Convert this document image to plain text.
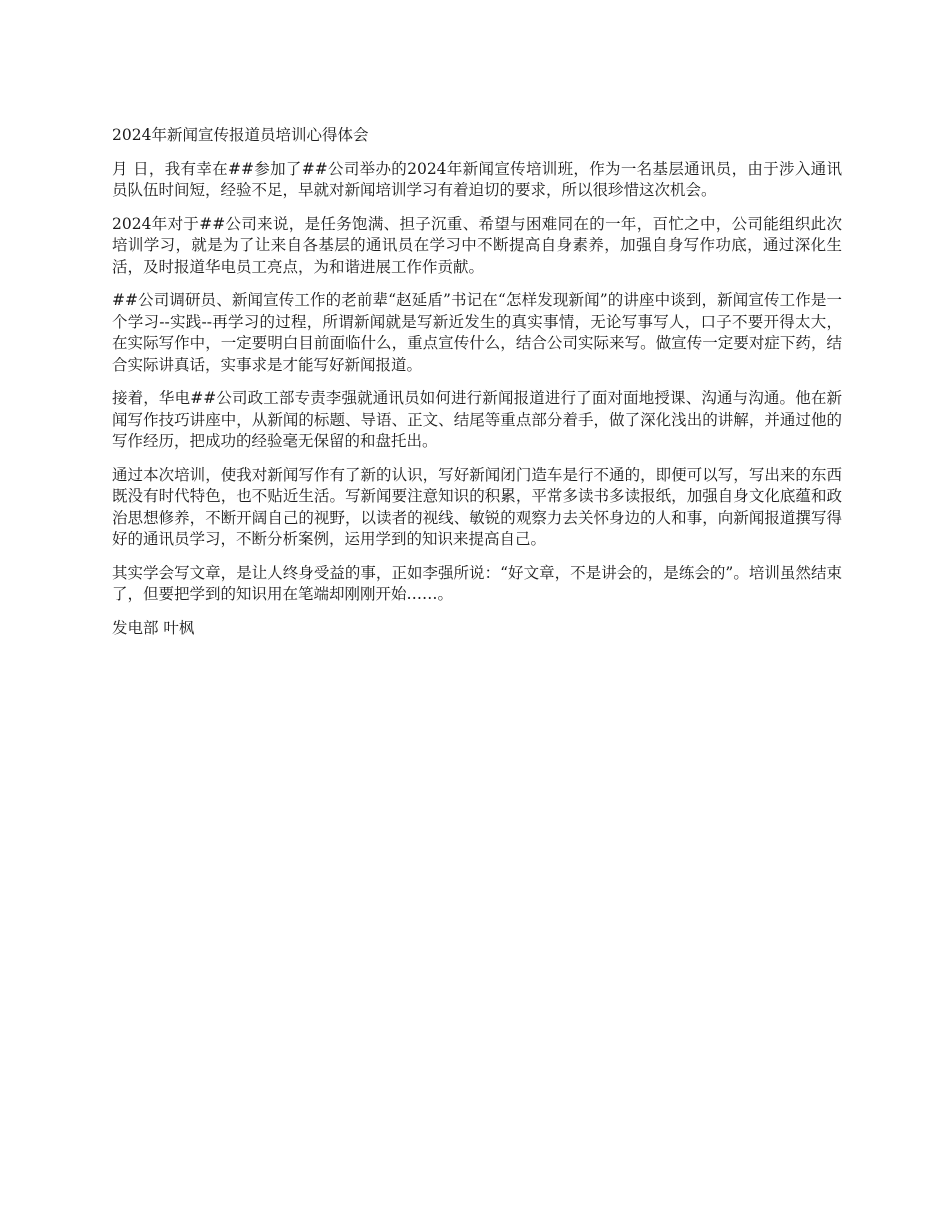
2024年新闻宣传报道员培训心得体会

月 日，我有幸在##参加了##公司举办的2024年新闻宣传培训班，作为一名基层通讯员，由于涉入通讯员队伍时间短，经验不足，早就对新闻培训学习有着迫切的要求，所以很珍惜这次机会。

2024年对于##公司来说，是任务饱满、担子沉重、希望与困难同在的一年，百忙之中，公司能组织此次培训学习，就是为了让来自各基层的通讯员在学习中不断提高自身素养，加强自身写作功底，通过深化生活，及时报道华电员工亮点，为和谐进展工作作贡献。

##公司调研员、新闻宣传工作的老前辈“赵延盾”书记在“怎样发现新闻”的讲座中谈到，新闻宣传工作是一个学习--实践--再学习的过程，所谓新闻就是写新近发生的真实事情，无论写事写人，口子不要开得太大，在实际写作中，一定要明白目前面临什么，重点宣传什么，结合公司实际来写。做宣传一定要对症下药，结合实际讲真话，实事求是才能写好新闻报道。

接着，华电##公司政工部专责李强就通讯员如何进行新闻报道进行了面对面地授课、沟通与沟通。他在新闻写作技巧讲座中，从新闻的标题、导语、正文、结尾等重点部分着手，做了深化浅出的讲解，并通过他的写作经历，把成功的经验毫无保留的和盘托出。

通过本次培训，使我对新闻写作有了新的认识，写好新闻闭门造车是行不通的，即便可以写，写出来的东西既没有时代特色，也不贴近生活。写新闻要注意知识的积累，平常多读书多读报纸，加强自身文化底蕴和政治思想修养，不断开阔自己的视野，以读者的视线、敏锐的观察力去关怀身边的人和事，向新闻报道撰写得好的通讯员学习，不断分析案例，运用学到的知识来提高自己。

其实学会写文章，是让人终身受益的事，正如李强所说：“好文章，不是讲会的，是练会的”。培训虽然结束了，但要把学到的知识用在笔端却刚刚开始……。

发电部 叶枫
